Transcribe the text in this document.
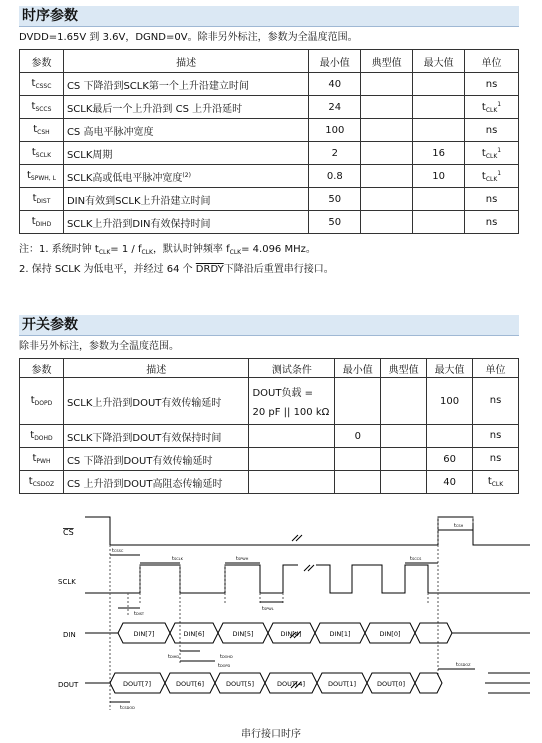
时序参数
DVDD=1.65V 到 3.6V，DGND=0V。除非另外标注，参数为全温度范围。
参数	描述	最小值	典型值	最大值	单位
$t_{CSSC}$	CS 下降沿到SCLK第一个上升沿建立时间	40			ns
$t_{SCCS}$	SCLK最后一个上升沿到 CS 上升沿延时	24			$t_{CLK}^1$
$t_{CSH}$	CS 高电平脉冲宽度	100			ns
$t_{SCLK}$	SCLK周期	2		16	$t_{CLK}^1$
$t_{SPWH, L}$	SCLK高或低电平脉冲宽度$^{(2)}$	0.8		10	$t_{CLK}^1$
$t_{DIST}$	DIN有效到SCLK上升沿建立时间	50			ns
$t_{DIHD}$	SCLK上升沿到DIN有效保持时间	50			ns
注：1. 系统时钟 $t_{CLK}= 1 / f_{CLK}$，默认时钟频率 $f_{CLK}= 4.096$ MHz。
2. 保持 SCLK 为低电平，并经过 64 个 DRDY下降沿后重置串行接口。
开关参数
除非另外标注，参数为全温度范围。
参数	描述	测试条件	最小值	典型值	最大值	单位
$t_{DOPD}$	SCLK上升沿到DOUT有效传输延时	DOUT负载 =
20 pF || 100 kΩ			100	ns
$t_{DOHD}$	SCLK下降沿到DOUT有效保持时间		0			ns
$t_{PWH}$	CS 下降沿到DOUT有效传输延时				60	ns
$t_{CSDOZ}$	CS 上升沿到DOUT高阻态传输延时				40	$t_{CLK}$
CS
SCLK
DIN
DOUT
DIN[7]	DIN[6]	DIN[5]	DIN[4]	DIN[1]	DIN[0]
DOUT[7]	DOUT[6]	DOUT[5]	DOUT[4]	DOUT[1]	DOUT[0]
tCSSC
tSCLK	tSPWH	tSCCS
tCSH
tSPWL
tDIST
tDIHD
tDOPD
tDOHD
tCSDOZ
tCSDOD
串行接口时序
